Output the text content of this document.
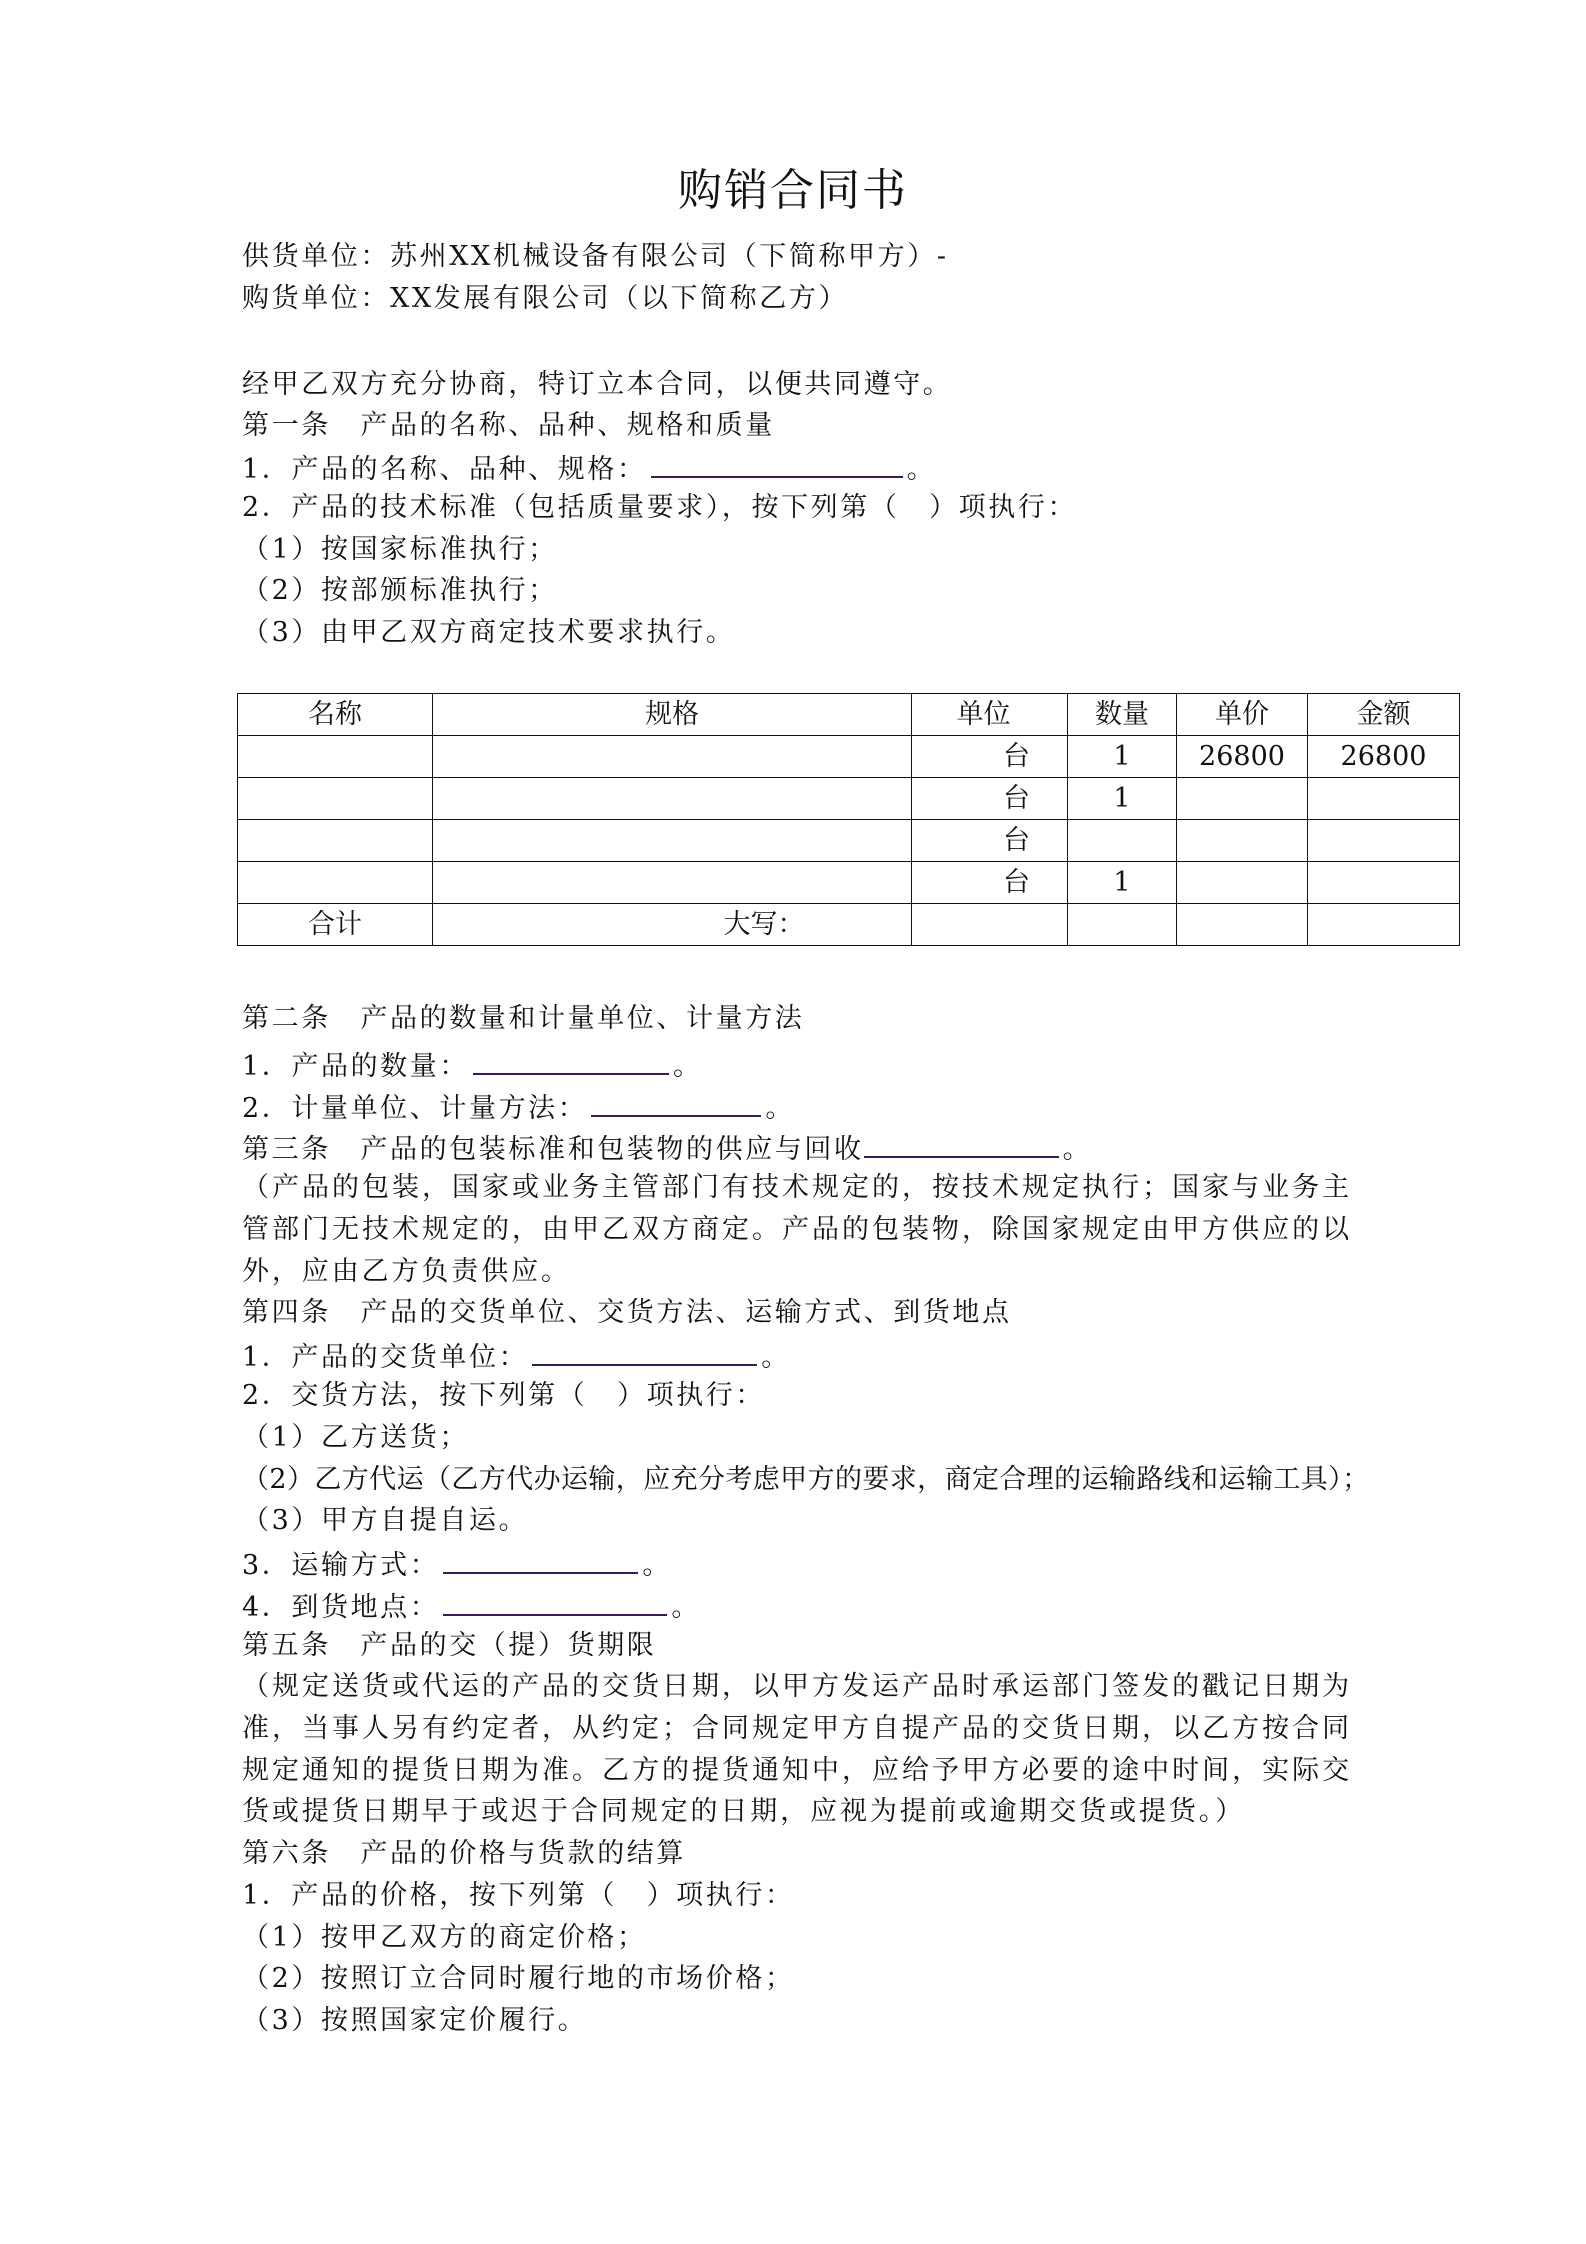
购销合同书
供货单位：苏州XX机械设备有限公司（下简称甲方）-
购货单位：XX发展有限公司（以下简称乙方）
经甲乙双方充分协商，特订立本合同，以便共同遵守。
第一条　产品的名称、品种、规格和质量
1．产品的名称、品种、规格：	。
2．产品的技术标准（包括质量要求），按下列第（　）项执行：
（1）按国家标准执行；
（2）按部颁标准执行；
（3）由甲乙双方商定技术要求执行。
名称	规格	单位	数量	单价	金额
		台	1	26800	26800
		台	1		
		台			
		台	1		
合计	大写：				
第二条　产品的数量和计量单位、计量方法
1．产品的数量：	。
2．计量单位、计量方法：	。
第三条　产品的包装标准和包装物的供应与回收	。
（产品的包装，国家或业务主管部门有技术规定的，按技术规定执行；国家与业务主管部门无技术规定的，由甲乙双方商定。产品的包装物，除国家规定由甲方供应的以外，应由乙方负责供应。
第四条　产品的交货单位、交货方法、运输方式、到货地点
1．产品的交货单位：	。
2．交货方法，按下列第（　）项执行：
（1）乙方送货；
（2）乙方代运（乙方代办运输，应充分考虑甲方的要求，商定合理的运输路线和运输工具）；
（3）甲方自提自运。
3．运输方式：	。
4．到货地点：	。
第五条　产品的交（提）货期限
（规定送货或代运的产品的交货日期，以甲方发运产品时承运部门签发的戳记日期为准，当事人另有约定者，从约定；合同规定甲方自提产品的交货日期，以乙方按合同规定通知的提货日期为准。乙方的提货通知中，应给予甲方必要的途中时间，实际交货或提货日期早于或迟于合同规定的日期，应视为提前或逾期交货或提货。）
第六条　产品的价格与货款的结算
1．产品的价格，按下列第（　）项执行：
（1）按甲乙双方的商定价格；
（2）按照订立合同时履行地的市场价格；
（3）按照国家定价履行。
